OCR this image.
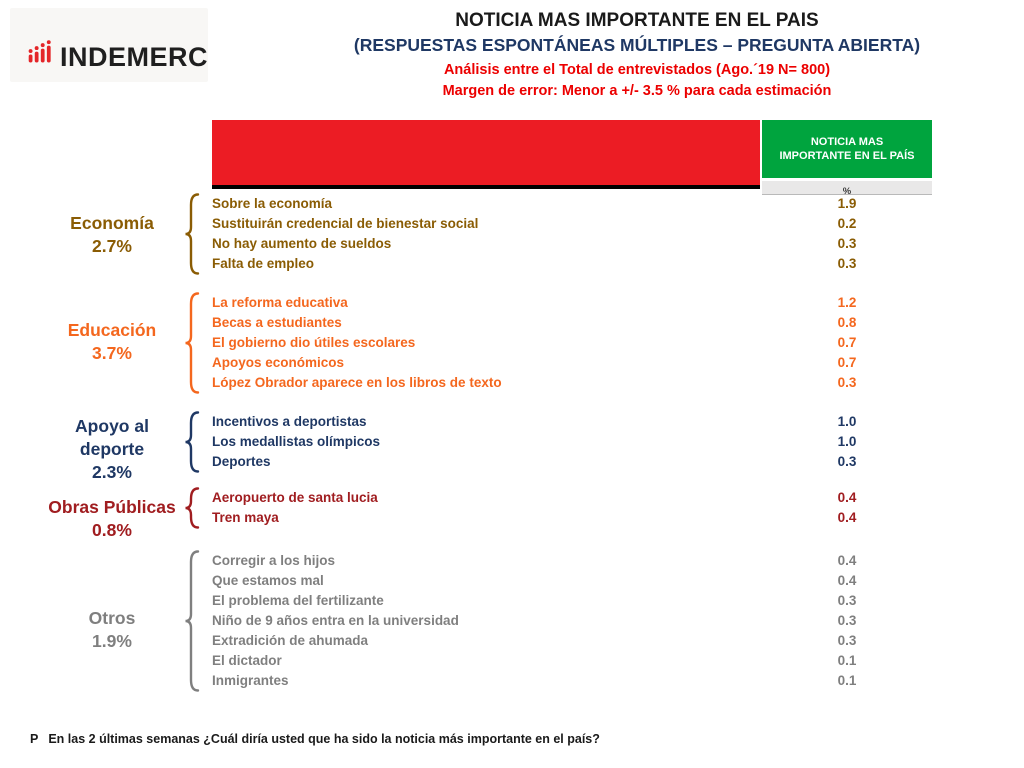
INDEMERC
NOTICIA MAS IMPORTANTE EN EL PAIS
(RESPUESTAS ESPONTÁNEAS MÚLTIPLES – PREGUNTA ABIERTA)
Análisis entre el Total de entrevistados (Ago.´19 N= 800)
Margen de error: Menor a +/- 3.5 % para cada estimación
NOTICIA MAS
IMPORTANTE EN EL PAÍS
%
Economía
2.7%
Sobre la economía	1.9
Sustituirán credencial de bienestar social	0.2
No hay aumento de sueldos	0.3
Falta de empleo	0.3
Educación
3.7%
La reforma educativa	1.2
Becas a estudiantes	0.8
El gobierno dio útiles escolares	0.7
Apoyos económicos	0.7
López Obrador aparece en los libros de texto	0.3
Apoyo al
deporte
2.3%
Incentivos a deportistas	1.0
Los medallistas olímpicos	1.0
Deportes	0.3
Obras Públicas
0.8%
Aeropuerto de santa lucia	0.4
Tren maya	0.4
Otros
1.9%
Corregir a los hijos	0.4
Que estamos mal	0.4
El problema del fertilizante	0.3
Niño de 9 años entra en la universidad	0.3
Extradición de ahumada	0.3
El dictador	0.1
Inmigrantes	0.1
P En las 2 últimas semanas ¿Cuál diría usted que ha sido la noticia más importante en el país?
